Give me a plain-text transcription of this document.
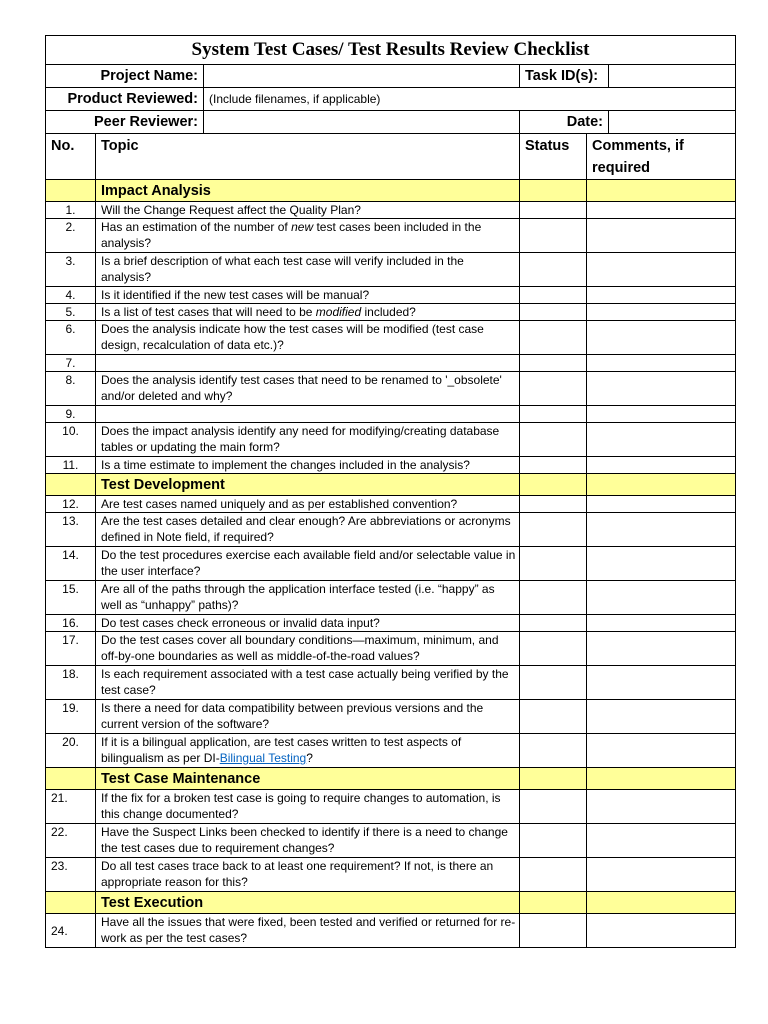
System Test Cases/ Test Results Review Checklist					
Project Name:			Task ID(s):		
Product Reviewed:		(Include filenames, if applicable)			
Peer Reviewer:			Date:		
No.	Topic		Status	Comments, if
required	
	Impact Analysis				
1.	Will the Change Request affect the Quality Plan?				
2.	Has an estimation of the number of new test cases been included in the analysis?				
3.	Is a brief description of what each test case will verify included in the analysis?				
4.	Is it identified if the new test cases will be manual?				
5.	Is a list of test cases that will need to be modified included?				
6.	Does the analysis indicate how the test cases will be modified (test case design, recalculation of data etc.)?				
7.					
8.	Does the analysis identify test cases that need to be renamed to '_obsolete' and/or deleted and why?				
9.					
10.	Does the impact analysis identify any need for modifying/creating database tables or updating the main form?				
11.	Is a time estimate to implement the changes included in the analysis?				
	Test Development				
12.	Are test cases named uniquely and as per established convention?				
13.	Are the test cases detailed and clear enough? Are abbreviations or acronyms defined in Note field, if required?				
14.	Do the test procedures exercise each available field and/or selectable value in the user interface?				
15.	Are all of the paths through the application interface tested (i.e. “happy” as well as “unhappy” paths)?				
16.	Do test cases check erroneous or invalid data input?				
17.	Do the test cases cover all boundary conditions—maximum, minimum, and off-by-one boundaries as well as middle-of-the-road values?				
18.	Is each requirement associated with a test case actually being verified by the test case?				
19.	Is there a need for data compatibility between previous versions and the current version of the software?				
20.	If it is a bilingual application, are test cases written to test aspects of bilingualism as per DI-Bilingual Testing?				
	Test Case Maintenance				
21.	If the fix for a broken test case is going to require changes to automation, is this change documented?				
22.	Have the Suspect Links been checked to identify if there is a need to change the test cases due to requirement changes?				
23.	Do all test cases trace back to at least one requirement? If not, is there an appropriate reason for this?				
	Test Execution				
24.	Have all the issues that were fixed, been tested and verified or returned for re-work as per the test cases?				
